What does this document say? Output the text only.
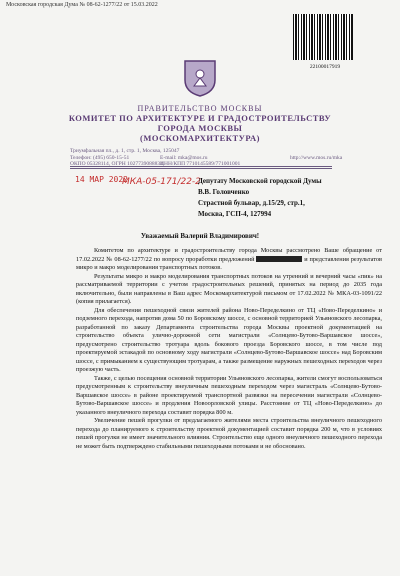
Московская городская Дума № 08-62-1277/22 от 15.03.2022
22100017919
ПРАВИТЕЛЬСТВО МОСКВЫ
КОМИТЕТ ПО АРХИТЕКТУРЕ И ГРАДОСТРОИТЕЛЬСТВУ
ГОРОДА МОСКВЫ
(МОСКОМАРХИТЕКТУРА)
Триумфальная пл., д. 1, стр. 1, Москва, 125047
Телефон: (495) 650-15-51	E-mail: mka@mos.ru	http://www.mos.ru/mka
ОКПО 05328114, ОГРН 1027739088834,
ИНН/КПП 7710145589/771001001
14 МАР 2022
МКА-05-171/22-2
Депутату Московской городской Думы
В.В. Головченко
Страстной бульвар, д.15/29, стр.1,
Москва, ГСП-4, 127994
Уважаемый Валерий Владимирович!

Комитетом по архитектуре и градостроительству города Москвы рассмотрено Ваше обращение от 17.02.2022 № 08-62-1277/22 по вопросу проработки предложений	и представления результатов микро и макро моделирования транспортных потоков.

Результаты микро и макро моделирования транспортных потоков на утренний и вечерний часы «пик» на рассматриваемой территории с учетом градостроительных решений, принятых на период до 2035 года включительно, были направлены в Ваш адрес Москомархитектурой письмом от 17.02.2022 № МКА-03-1091/22 (копия прилагается).

Для обеспечения пешеходной связи жителей района Ново-Переделкино от ТЦ «Ново-Переделкино» и подземного перехода, напротив дома 50 по Боровскому шоссе, с основной территорией Ульяновского лесопарка, разработанной по заказу Департамента строительства города Москвы проектной документацией на строительство объекта улично-дорожной сети магистрали «Солнцево-Бутово-Варшавское шоссе», предусмотрено строительство тротуара вдоль бокового проезда Боровского шоссе, в том числе под проектируемой эстакадой по основному ходу магистрали «Солнцево-Бутово-Варшавское шоссе» над Боровским шоссе, с примыканием к существующим тротуарам, а также размещение наружных пешеходных переходов через проезжую часть.

Также, с целью посещения основной территории Ульяновского лесопарка, жители смогут воспользоваться предусмотренным к строительству внеуличным пешеходным переходом через магистраль «Солнцево-Бутово-Варшавское шоссе» в районе проектируемой транспортной развязки на пересечении магистрали «Солнцево-Бутово-Варшавское шоссе» и продления Новоорловской улицы. Расстояние от ТЦ «Ново-Переделкино» до указанного внеуличного перехода составит порядка 800 м.

Увеличение пешей прогулки от предлагаемого жителями места строительства внеуличного пешеходного перехода до планируемого к строительству проектной документацией составит порядка 200 м, что в условиях пешей прогулки не имеет значительного влияния. Строительство еще одного внеуличного пешеходного перехода не может быть подтверждено стабильными пешеходными потоками и не обосновано.
